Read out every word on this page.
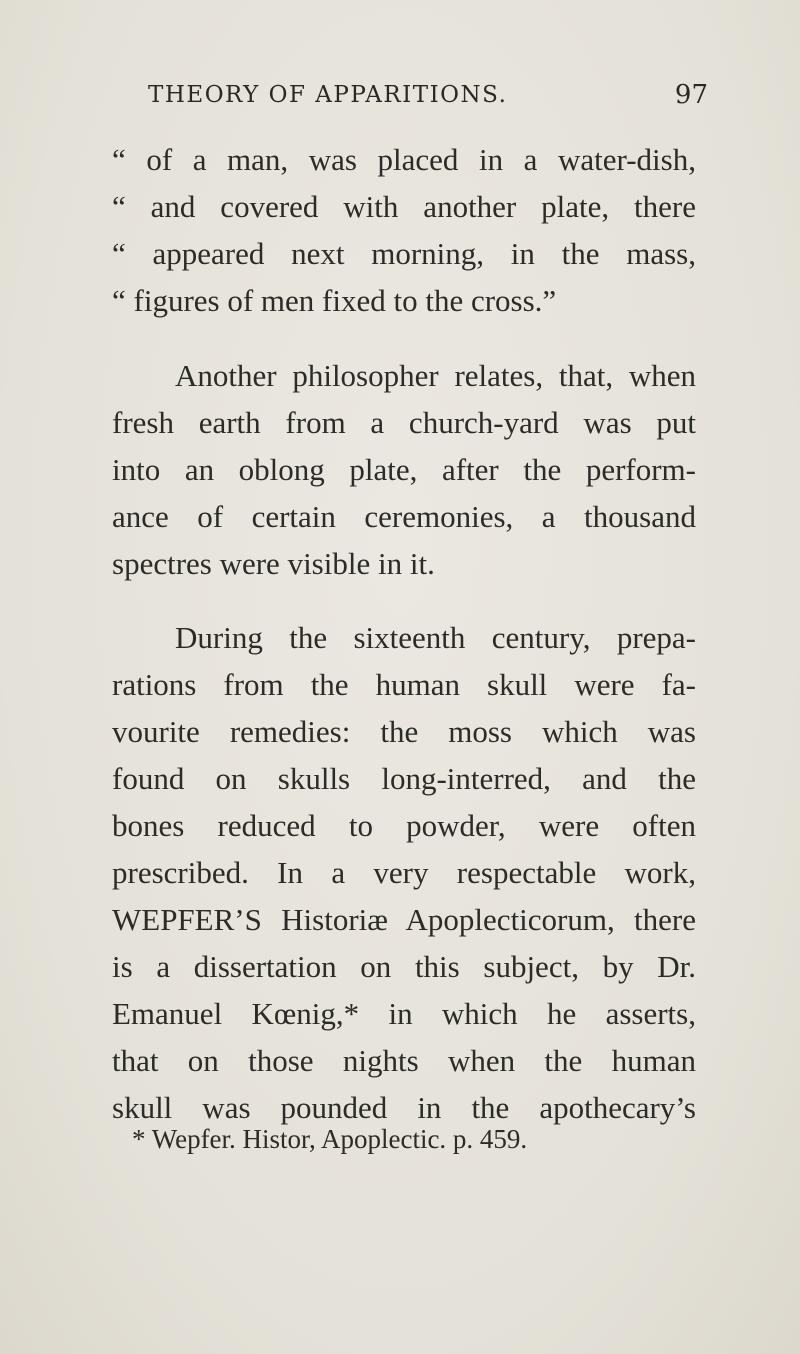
THEORY OF APPARITIONS.	97
“ of a man, was placed in a water-dish,
“ and covered with another plate, there
“ appeared next morning, in the mass,
“ figures of men fixed to the cross.”
Another philosopher relates, that, when
fresh earth from a church-yard was put
into an oblong plate, after the perform-
ance of certain ceremonies, a thousand
spectres were visible in it.
During the sixteenth century, prepa-
rations from the human skull were fa-
vourite remedies: the moss which was
found on skulls long-interred, and the
bones reduced to powder, were often
prescribed. In a very respectable work,
WEPFER’S Historiæ Apoplecticorum, there
is a dissertation on this subject, by Dr.
Emanuel Kœnig,* in which he asserts,
that on those nights when the human
* Wepfer. Histor, Apoplectic. p. 459.
skull was pounded in the apothecary’s
